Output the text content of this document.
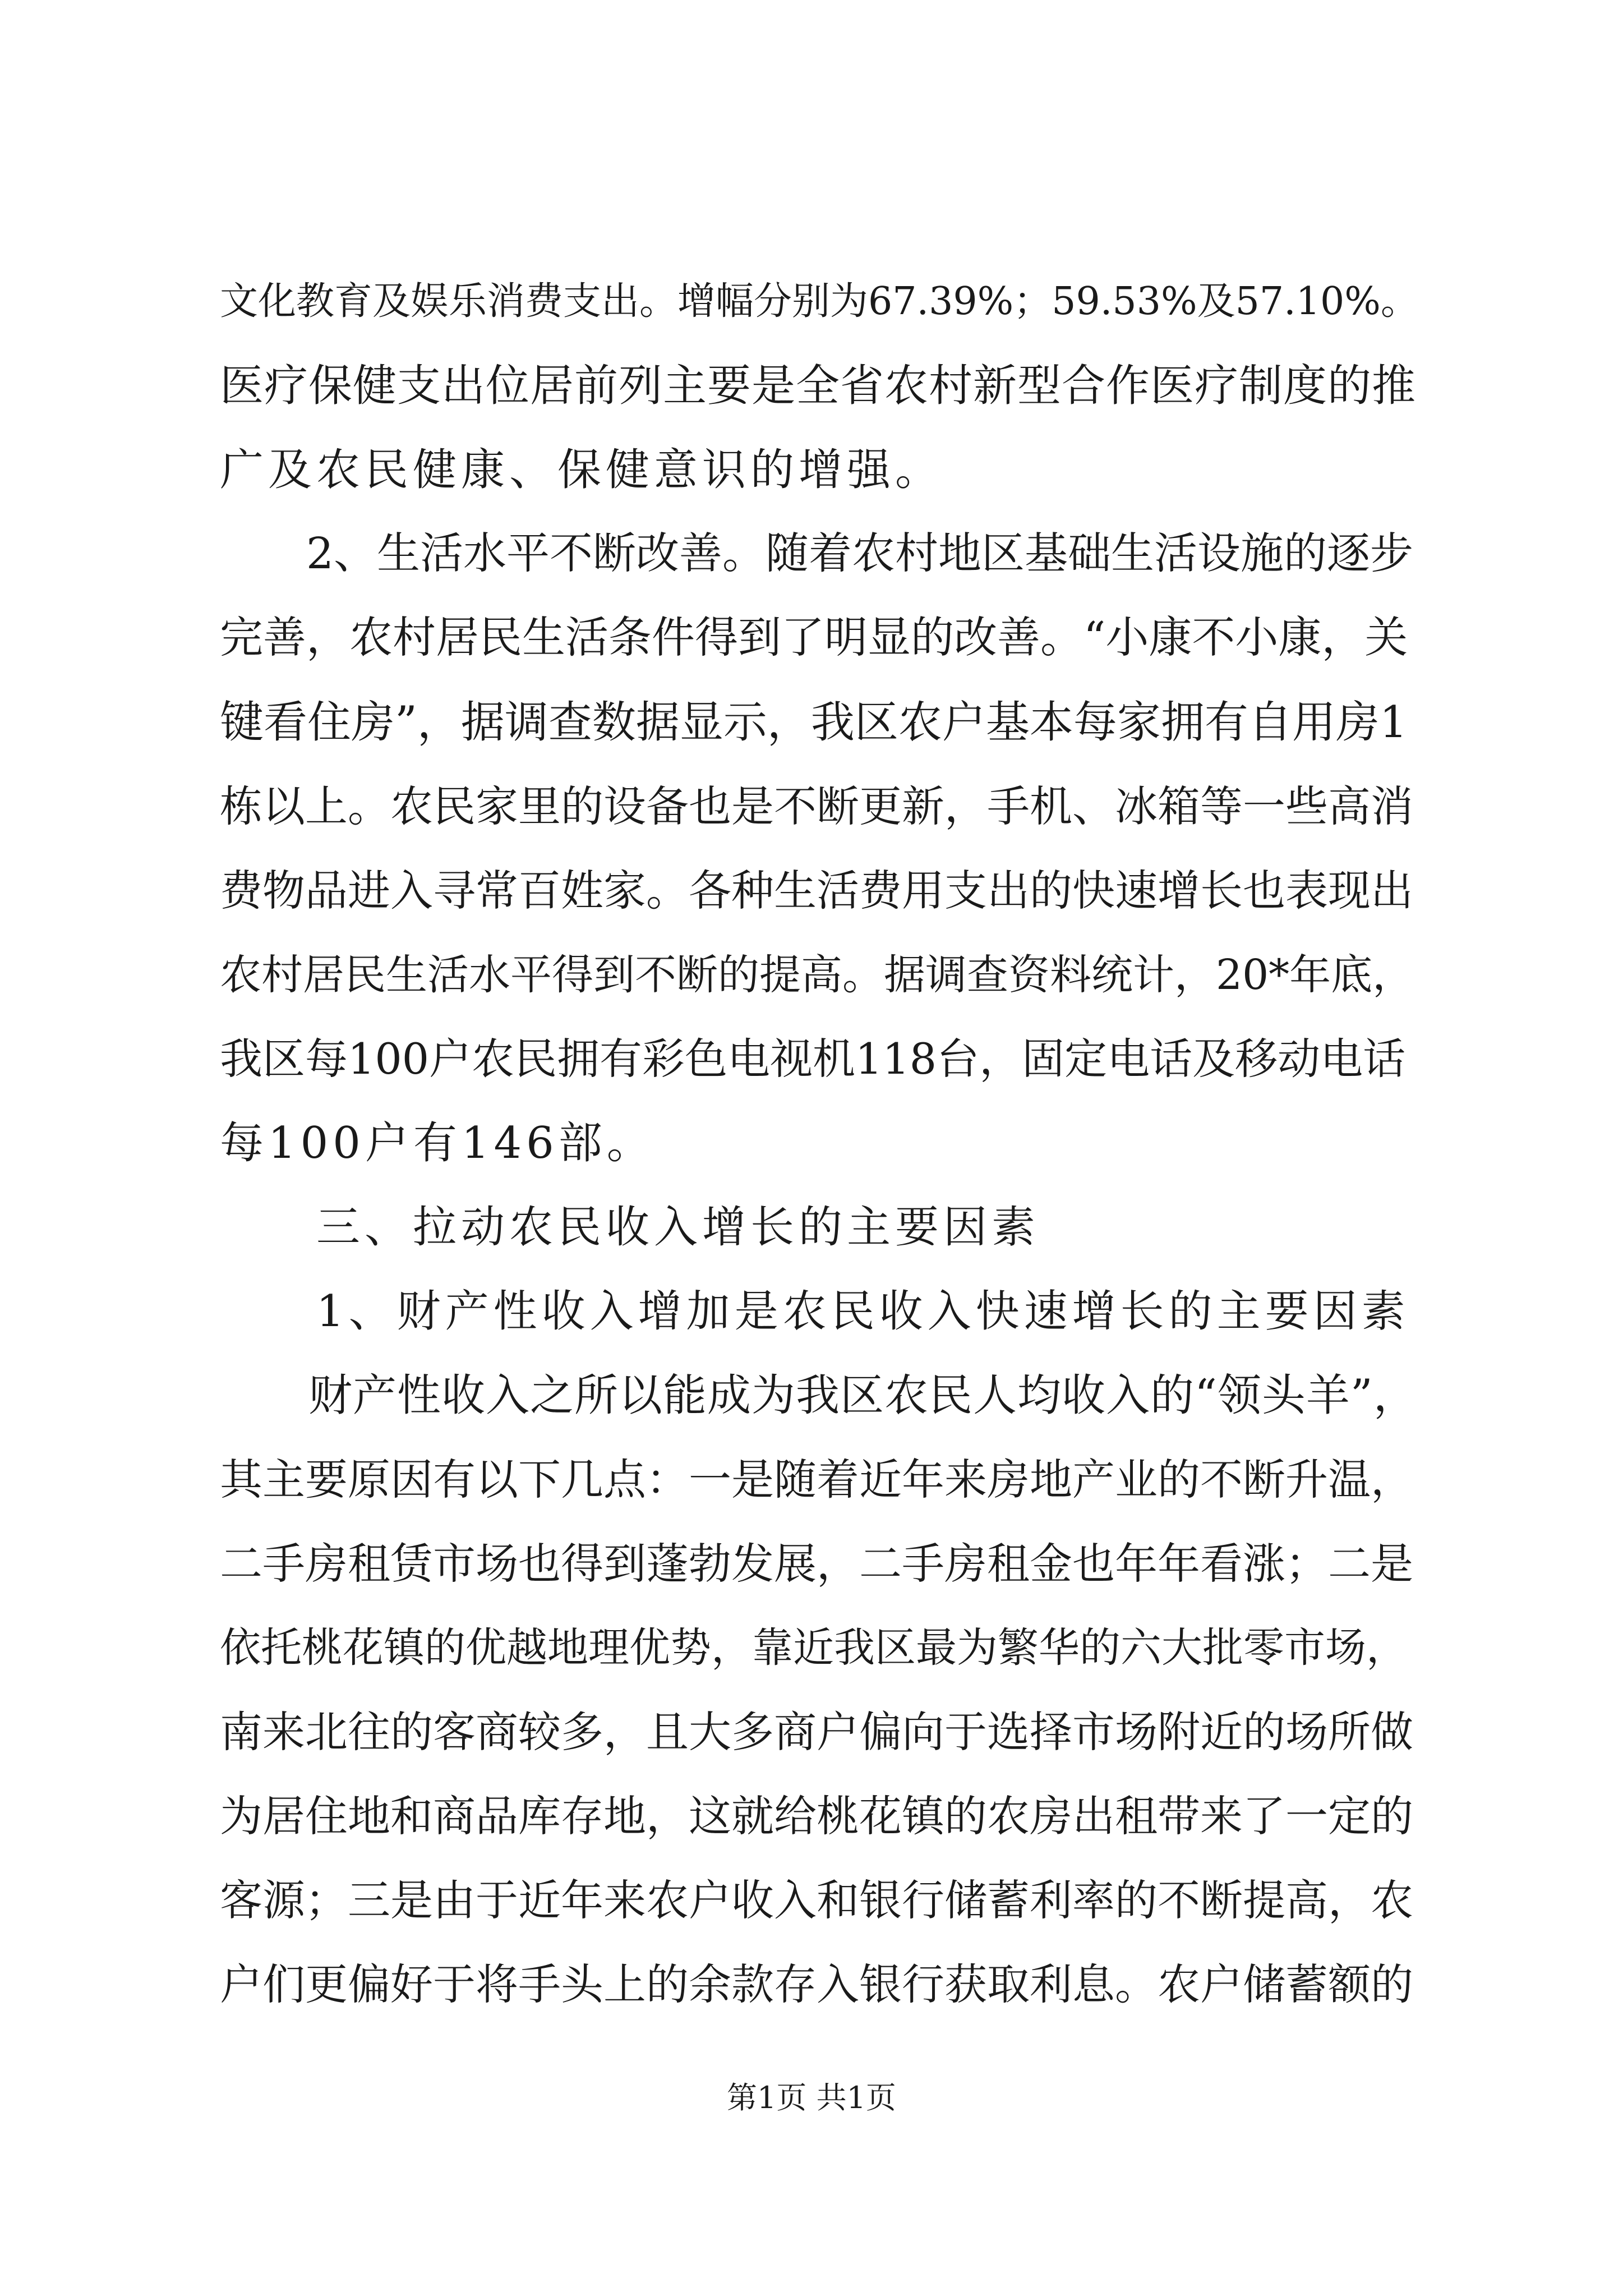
文化教育及娱乐消费支出。增幅分别为67.39%；59.53%及57.10%。
医疗保健支出位居前列主要是全省农村新型合作医疗制度的推
广及农民健康、保健意识的增强。
　　2、生活水平不断改善。随着农村地区基础生活设施的逐步
完善，农村居民生活条件得到了明显的改善。“小康不小康，关
键看住房”，据调查数据显示，我区农户基本每家拥有自用房1
栋以上。农民家里的设备也是不断更新，手机、冰箱等一些高消
费物品进入寻常百姓家。各种生活费用支出的快速增长也表现出
农村居民生活水平得到不断的提高。据调查资料统计，20*年底，
我区每100户农民拥有彩色电视机118台，固定电话及移动电话
每100户有146部。
　　三、拉动农民收入增长的主要因素
　　1、财产性收入增加是农民收入快速增长的主要因素
　　财产性收入之所以能成为我区农民人均收入的“领头羊”，
其主要原因有以下几点：一是随着近年来房地产业的不断升温，
二手房租赁市场也得到蓬勃发展，二手房租金也年年看涨；二是
依托桃花镇的优越地理优势，靠近我区最为繁华的六大批零市场，
南来北往的客商较多，且大多商户偏向于选择市场附近的场所做
为居住地和商品库存地，这就给桃花镇的农房出租带来了一定的
客源；三是由于近年来农户收入和银行储蓄利率的不断提高，农
户们更偏好于将手头上的余款存入银行获取利息。农户储蓄额的
第1页 共1页
